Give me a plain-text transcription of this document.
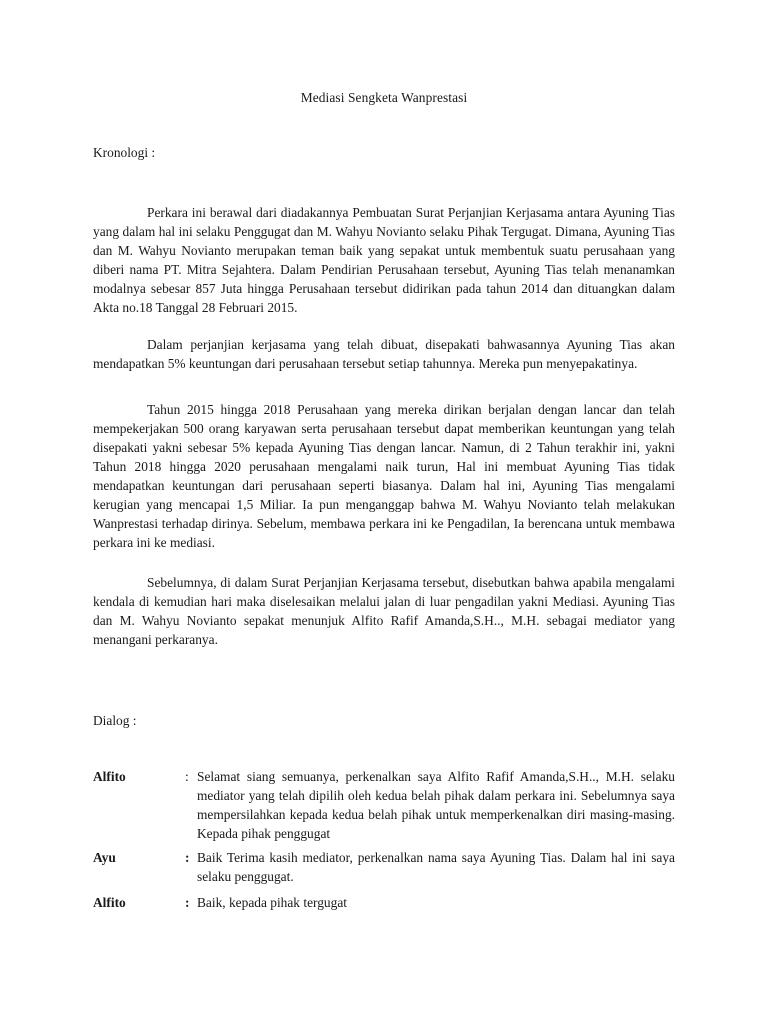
Mediasi Sengketa Wanprestasi
Kronologi :

Perkara ini berawal dari diadakannya Pembuatan Surat Perjanjian Kerjasama antara Ayuning Tias yang dalam hal ini selaku Penggugat dan M. Wahyu Novianto selaku Pihak Tergugat. Dimana, Ayuning Tias dan M. Wahyu Novianto merupakan teman baik yang sepakat untuk membentuk suatu perusahaan yang diberi nama PT. Mitra Sejahtera. Dalam Pendirian Perusahaan tersebut, Ayuning Tias telah menanamkan modalnya sebesar 857 Juta hingga Perusahaan tersebut didirikan pada tahun 2014 dan dituangkan dalam Akta no.18 Tanggal 28 Februari 2015.

Dalam perjanjian kerjasama yang telah dibuat, disepakati bahwasannya Ayuning Tias akan mendapatkan 5% keuntungan dari perusahaan tersebut setiap tahunnya. Mereka pun menyepakatinya.

Tahun 2015 hingga 2018 Perusahaan yang mereka dirikan berjalan dengan lancar dan telah mempekerjakan 500 orang karyawan serta perusahaan tersebut dapat memberikan keuntungan yang telah disepakati yakni sebesar 5% kepada Ayuning Tias dengan lancar. Namun, di 2 Tahun terakhir ini, yakni Tahun 2018 hingga 2020 perusahaan mengalami naik turun, Hal ini membuat Ayuning Tias tidak mendapatkan keuntungan dari perusahaan seperti biasanya. Dalam hal ini, Ayuning Tias mengalami kerugian yang mencapai 1,5 Miliar. Ia pun menganggap bahwa M. Wahyu Novianto telah melakukan Wanprestasi terhadap dirinya. Sebelum, membawa perkara ini ke Pengadilan, Ia berencana untuk membawa perkara ini ke mediasi.

Sebelumnya, di dalam Surat Perjanjian Kerjasama tersebut, disebutkan bahwa apabila mengalami kendala di kemudian hari maka diselesaikan melalui jalan di luar pengadilan yakni Mediasi. Ayuning Tias dan M. Wahyu Novianto sepakat menunjuk Alfito Rafif Amanda,S.H.., M.H. sebagai mediator yang menangani perkaranya.

Dialog :
Alfito	: Selamat siang semuanya, perkenalkan saya Alfito Rafif Amanda,S.H.., M.H. selaku mediator yang telah dipilih oleh kedua belah pihak dalam perkara ini. Sebelumnya saya mempersilahkan kepada kedua belah pihak untuk memperkenalkan diri masing-masing. Kepada pihak penggugat

Ayu	: Baik Terima kasih mediator, perkenalkan nama saya Ayuning Tias. Dalam hal ini saya selaku penggugat.

Alfito	: Baik, kepada pihak tergugat
